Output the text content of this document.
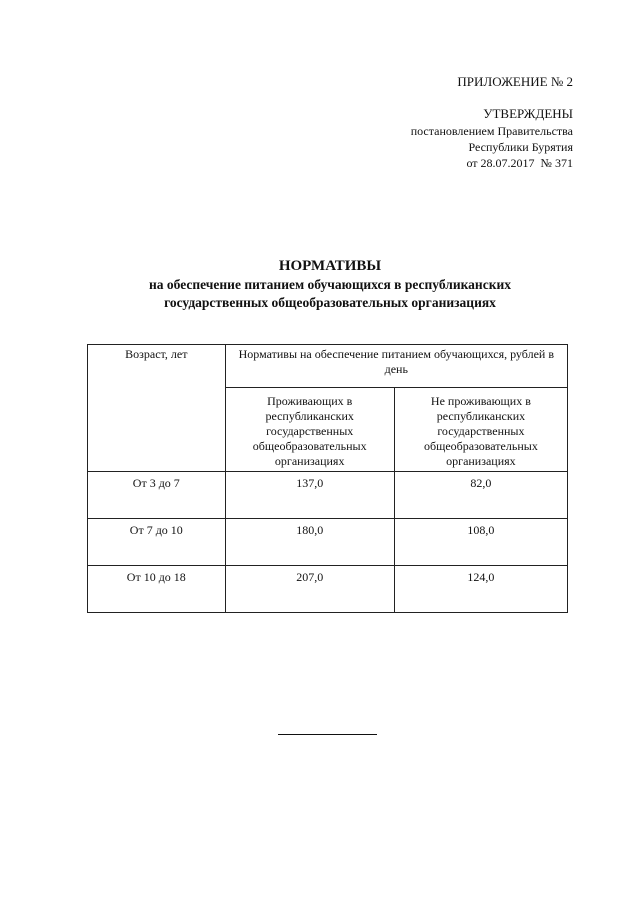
ПРИЛОЖЕНИЕ № 2
УТВЕРЖДЕНЫ
постановлением Правительства
Республики Бурятия
от 28.07.2017  № 371
НОРМАТИВЫ
на обеспечение питанием обучающихся в республиканских
государственных общеобразовательных организациях
Возраст, лет	Нормативы на обеспечение питанием обучающихся, рублей в день	
	Проживающих в республиканских государственных общеобразовательных организациях	Не проживающих в республиканских государственных общеобразовательных организациях
От 3 до 7	137,0	82,0
От 7 до 10	180,0	108,0
От 10 до 18	207,0	124,0
